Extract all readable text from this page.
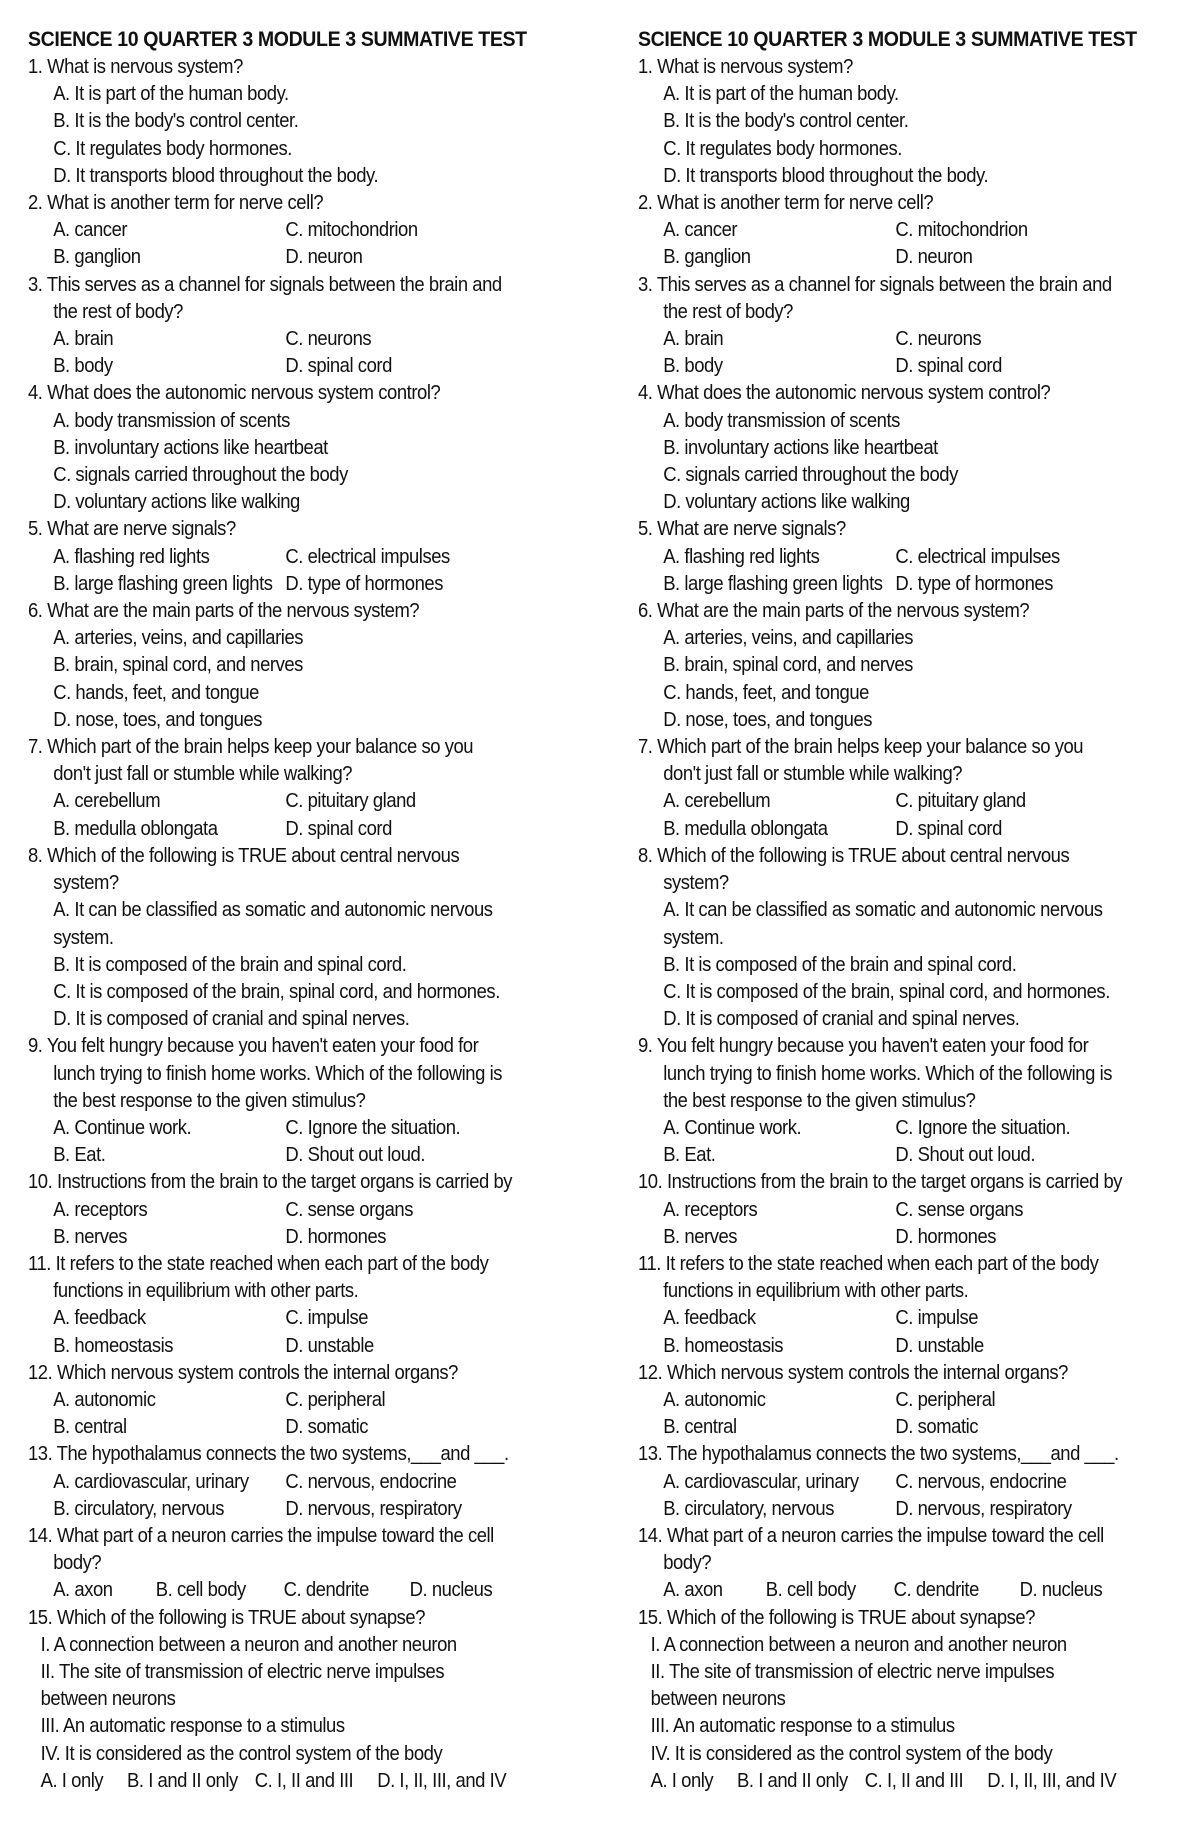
SCIENCE 10 QUARTER 3 MODULE 3 SUMMATIVE TEST
1. What is nervous system?
A. It is part of the human body.
B. It is the body's control center.
C. It regulates body hormones.
D. It transports blood throughout the body.
2. What is another term for nerve cell?
A. cancer	C. mitochondrion
B. ganglion	D. neuron
3. This serves as a channel for signals between the brain and
the rest of body?
A. brain	C. neurons
B. body	D. spinal cord
4. What does the autonomic nervous system control?
A. body transmission of scents
B. involuntary actions like heartbeat
C. signals carried throughout the body
D. voluntary actions like walking
5. What are nerve signals?
A. flashing red lights	C. electrical impulses
B. large flashing green lights D. type of hormones
6. What are the main parts of the nervous system?
A. arteries, veins, and capillaries
B. brain, spinal cord, and nerves
C. hands, feet, and tongue
D. nose, toes, and tongues
7. Which part of the brain helps keep your balance so you
don't just fall or stumble while walking?
A. cerebellum	C. pituitary gland
B. medulla oblongata	D. spinal cord
8. Which of the following is TRUE about central nervous
system?
A. It can be classified as somatic and autonomic nervous
system.
B. It is composed of the brain and spinal cord.
C. It is composed of the brain, spinal cord, and hormones.
D. It is composed of cranial and spinal nerves.
9. You felt hungry because you haven't eaten your food for
lunch trying to finish home works. Which of the following is
the best response to the given stimulus?
A. Continue work.	C. Ignore the situation.
B. Eat.	D. Shout out loud.
10. Instructions from the brain to the target organs is carried by
A. receptors	C. sense organs
B. nerves	D. hormones
11. It refers to the state reached when each part of the body
functions in equilibrium with other parts.
A. feedback	C. impulse
B. homeostasis	D. unstable
12. Which nervous system controls the internal organs?
A. autonomic	C. peripheral
B. central	D. somatic
13. The hypothalamus connects the two systems,___and ___.
A. cardiovascular, urinary	C. nervous, endocrine
B. circulatory, nervous	D. nervous, respiratory
14. What part of a neuron carries the impulse toward the cell
body?
A. axon	B. cell body	C. dendrite	D. nucleus
15. Which of the following is TRUE about synapse?
I. A connection between a neuron and another neuron
II. The site of transmission of electric nerve impulses
between neurons
III. An automatic response to a stimulus
IV. It is considered as the control system of the body
A. I only	B. I and II only C. I, II and III	D. I, II, III, and IV
SCIENCE 10 QUARTER 3 MODULE 3 SUMMATIVE TEST
1. What is nervous system?
A. It is part of the human body.
B. It is the body's control center.
C. It regulates body hormones.
D. It transports blood throughout the body.
2. What is another term for nerve cell?
A. cancer	C. mitochondrion
B. ganglion	D. neuron
3. This serves as a channel for signals between the brain and
the rest of body?
A. brain	C. neurons
B. body	D. spinal cord
4. What does the autonomic nervous system control?
A. body transmission of scents
B. involuntary actions like heartbeat
C. signals carried throughout the body
D. voluntary actions like walking
5. What are nerve signals?
A. flashing red lights	C. electrical impulses
B. large flashing green lights D. type of hormones
6. What are the main parts of the nervous system?
A. arteries, veins, and capillaries
B. brain, spinal cord, and nerves
C. hands, feet, and tongue
D. nose, toes, and tongues
7. Which part of the brain helps keep your balance so you
don't just fall or stumble while walking?
A. cerebellum	C. pituitary gland
B. medulla oblongata	D. spinal cord
8. Which of the following is TRUE about central nervous
system?
A. It can be classified as somatic and autonomic nervous
system.
B. It is composed of the brain and spinal cord.
C. It is composed of the brain, spinal cord, and hormones.
D. It is composed of cranial and spinal nerves.
9. You felt hungry because you haven't eaten your food for
lunch trying to finish home works. Which of the following is
the best response to the given stimulus?
A. Continue work.	C. Ignore the situation.
B. Eat.	D. Shout out loud.
10. Instructions from the brain to the target organs is carried by
A. receptors	C. sense organs
B. nerves	D. hormones
11. It refers to the state reached when each part of the body
functions in equilibrium with other parts.
A. feedback	C. impulse
B. homeostasis	D. unstable
12. Which nervous system controls the internal organs?
A. autonomic	C. peripheral
B. central	D. somatic
13. The hypothalamus connects the two systems,___and ___.
A. cardiovascular, urinary	C. nervous, endocrine
B. circulatory, nervous	D. nervous, respiratory
14. What part of a neuron carries the impulse toward the cell
body?
A. axon	B. cell body	C. dendrite	D. nucleus
15. Which of the following is TRUE about synapse?
I. A connection between a neuron and another neuron
II. The site of transmission of electric nerve impulses
between neurons
III. An automatic response to a stimulus
IV. It is considered as the control system of the body
A. I only	B. I and II only C. I, II and III	D. I, II, III, and IV
